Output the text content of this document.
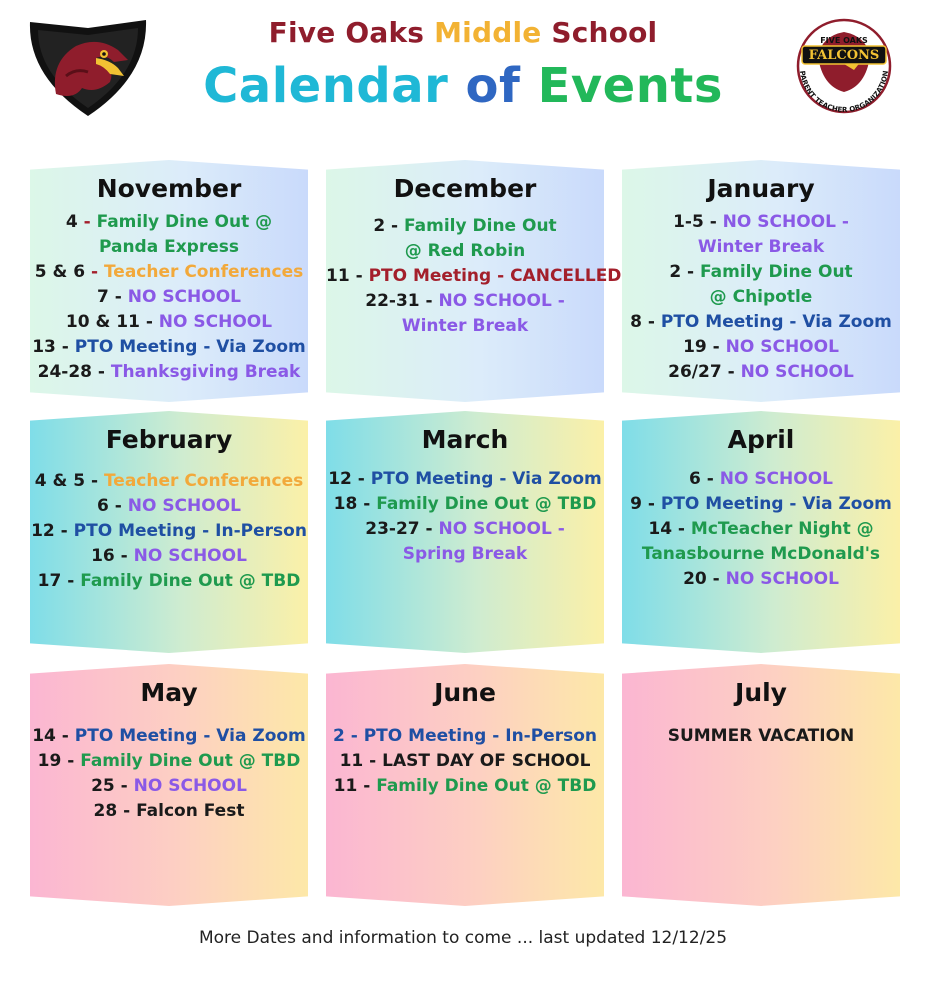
Five Oaks Middle School
Calendar of Events
FIVE OAKS
FALCONS
PARENT TEACHER ORGANIZATION
November
4 - Family Dine Out @
Panda Express
5 & 6 - Teacher Conferences
7 - NO SCHOOL
10 & 11 - NO SCHOOL
13 - PTO Meeting - Via Zoom
24-28 - Thanksgiving Break
December
2 - Family Dine Out
@ Red Robin
11 - PTO Meeting - CANCELLED
22-31 - NO SCHOOL -
Winter Break
January
1-5 - NO SCHOOL -
Winter Break
2 - Family Dine Out
@ Chipotle
8 - PTO Meeting - Via Zoom
19 - NO SCHOOL
26/27 - NO SCHOOL
February
4 & 5 - Teacher Conferences
6 - NO SCHOOL
12 - PTO Meeting - In-Person
16 - NO SCHOOL
17 - Family Dine Out @ TBD
March
12 - PTO Meeting - Via Zoom
18 - Family Dine Out @ TBD
23-27 - NO SCHOOL -
Spring Break
April
6 - NO SCHOOL
9 - PTO Meeting - Via Zoom
14 - McTeacher Night @
Tanasbourne McDonald's
20 - NO SCHOOL
May
14 - PTO Meeting - Via Zoom
19 - Family Dine Out @ TBD
25 - NO SCHOOL
28 - Falcon Fest
June
2 - PTO Meeting - In-Person
11 - LAST DAY OF SCHOOL
11 - Family Dine Out @ TBD
July
SUMMER VACATION
More Dates and information to come ... last updated 12/12/25
